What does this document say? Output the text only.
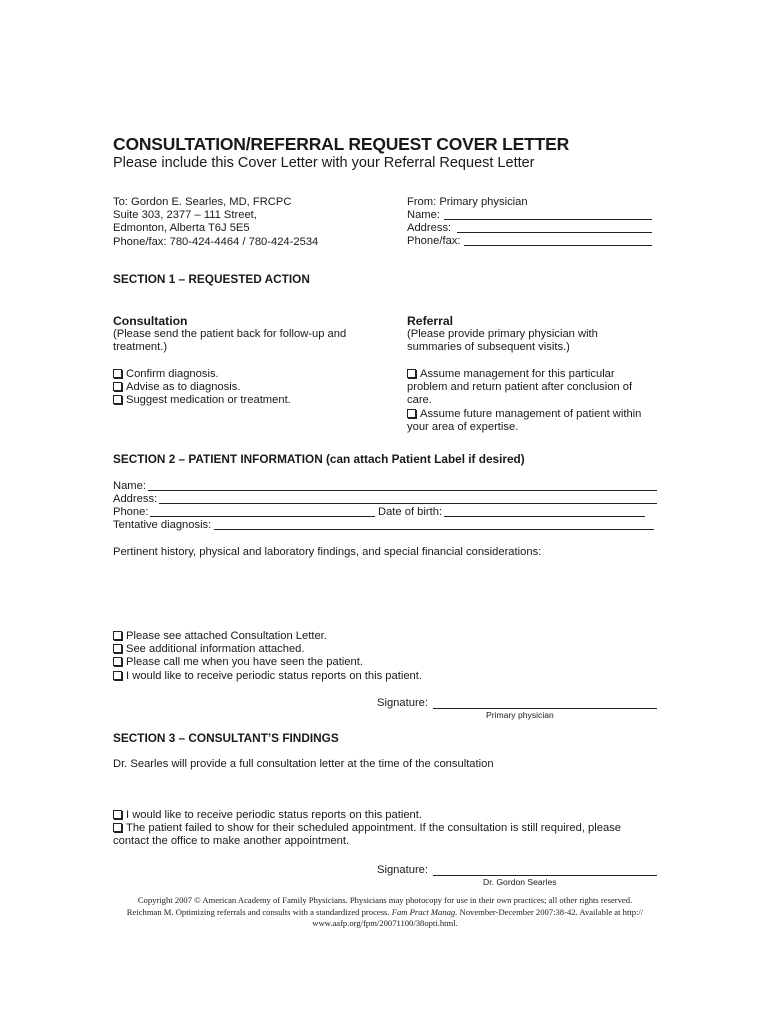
CONSULTATION/REFERRAL REQUEST COVER LETTER
Please include this Cover Letter with your Referral Request Letter
To: Gordon E. Searles, MD, FRCPC
Suite 303, 2377 – 111 Street,
Edmonton, Alberta T6J 5E5
Phone/fax: 780-424-4464 / 780-424-2534
From: Primary physician
Name:
Address:
Phone/fax:
SECTION 1 – REQUESTED ACTION
Consultation
(Please send the patient back for follow-up and
treatment.)
Confirm diagnosis.
Advise as to diagnosis.
Suggest medication or treatment.
Referral
(Please provide primary physician with
summaries of subsequent visits.)
Assume management for this particular
problem and return patient after conclusion of
care.
Assume future management of patient within
your area of expertise.
SECTION 2 – PATIENT INFORMATION (can attach Patient Label if desired)
Name:
Address:
Phone:	Date of birth:
Tentative diagnosis:
Pertinent history, physical and laboratory findings, and special financial considerations:
Please see attached Consultation Letter.
See additional information attached.
Please call me when you have seen the patient.
I would like to receive periodic status reports on this patient.
Signature:
Primary physician
SECTION 3 – CONSULTANT’S FINDINGS
Dr. Searles will provide a full consultation letter at the time of the consultation
I would like to receive periodic status reports on this patient.
The patient failed to show for their scheduled appointment. If the consultation is still required, please
contact the office to make another appointment.
Signature:
Dr. Gordon Searles
Copyright 2007 © American Academy of Family Physicians. Physicians may photocopy for use in their own practices; all other rights reserved.
Reichman M. Optimizing referrals and consults with a standardized process. Fam Pract Manag. November-December 2007:38-42. Available at http://
www.aafp.org/fpm/20071100/38opti.html.
